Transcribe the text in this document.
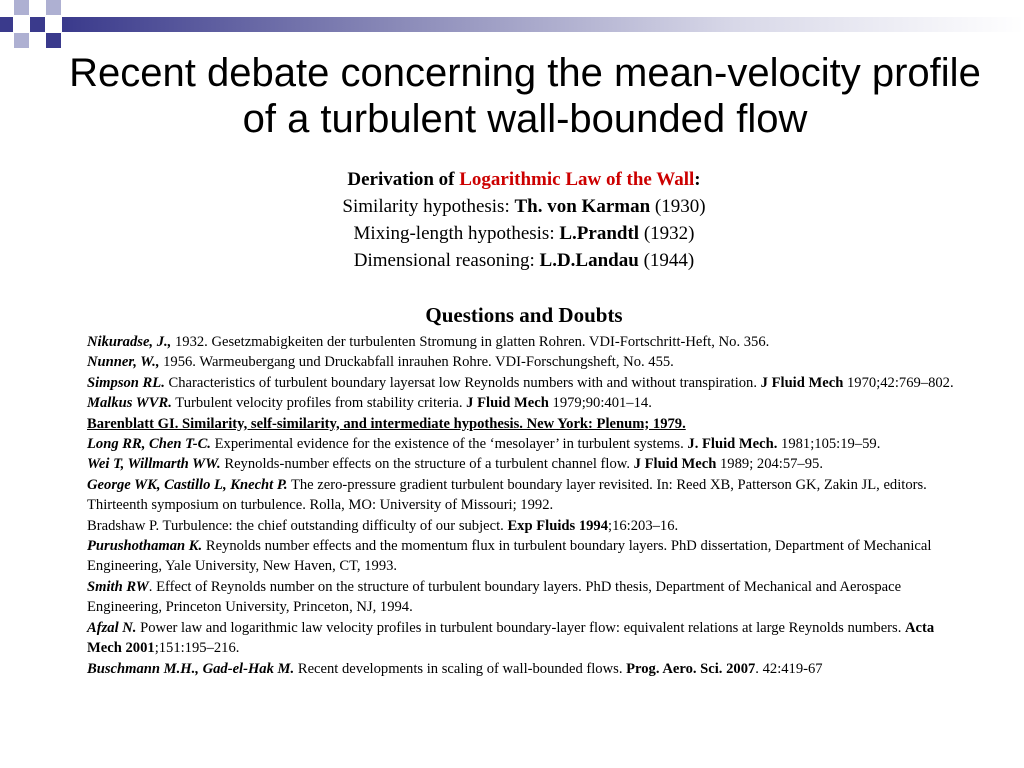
Recent debate concerning the mean-velocity profile of a turbulent wall-bounded flow
Derivation of Logarithmic Law of the Wall:
Similarity hypothesis: Th. von Karman (1930)
Mixing-length hypothesis: L.Prandtl (1932)
Dimensional reasoning: L.D.Landau (1944)
Questions and Doubts
Nikuradse, J., 1932. Gesetzmabigkeiten der turbulenten Stromung in glatten Rohren. VDI-Fortschritt-Heft, No. 356.
Nunner, W., 1956. Warmeubergang und Druckabfall inrauhen Rohre. VDI-Forschungsheft, No. 455.
Simpson RL. Characteristics of turbulent boundary layersat low Reynolds numbers with and without transpiration. J Fluid Mech 1970;42:769–802.
Malkus WVR. Turbulent velocity profiles from stability criteria. J Fluid Mech 1979;90:401–14.
Barenblatt GI. Similarity, self-similarity, and intermediate hypothesis. New York: Plenum; 1979.
Long RR, Chen T-C. Experimental evidence for the existence of the ‘mesolayer’ in turbulent systems. J. Fluid Mech. 1981;105:19–59.
Wei T, Willmarth WW. Reynolds-number effects on the structure of a turbulent channel flow. J Fluid Mech 1989; 204:57–95.
George WK, Castillo L, Knecht P. The zero-pressure gradient turbulent boundary layer revisited. In: Reed XB, Patterson GK, Zakin JL, editors. Thirteenth symposium on turbulence. Rolla, MO: University of Missouri; 1992.
Bradshaw P. Turbulence: the chief outstanding difficulty of our subject. Exp Fluids 1994;16:203–16.
Purushothaman K. Reynolds number effects and the momentum flux in turbulent boundary layers. PhD dissertation, Department of Mechanical Engineering, Yale University, New Haven, CT, 1993.
Smith RW. Effect of Reynolds number on the structure of turbulent boundary layers. PhD thesis, Department of Mechanical and Aerospace Engineering, Princeton University, Princeton, NJ, 1994.
Afzal N. Power law and logarithmic law velocity profiles in turbulent boundary-layer flow: equivalent relations at large Reynolds numbers. Acta Mech 2001;151:195–216.
Buschmann M.H., Gad-el-Hak M. Recent developments in scaling of wall-bounded flows. Prog. Aero. Sci. 2007. 42:419-67
